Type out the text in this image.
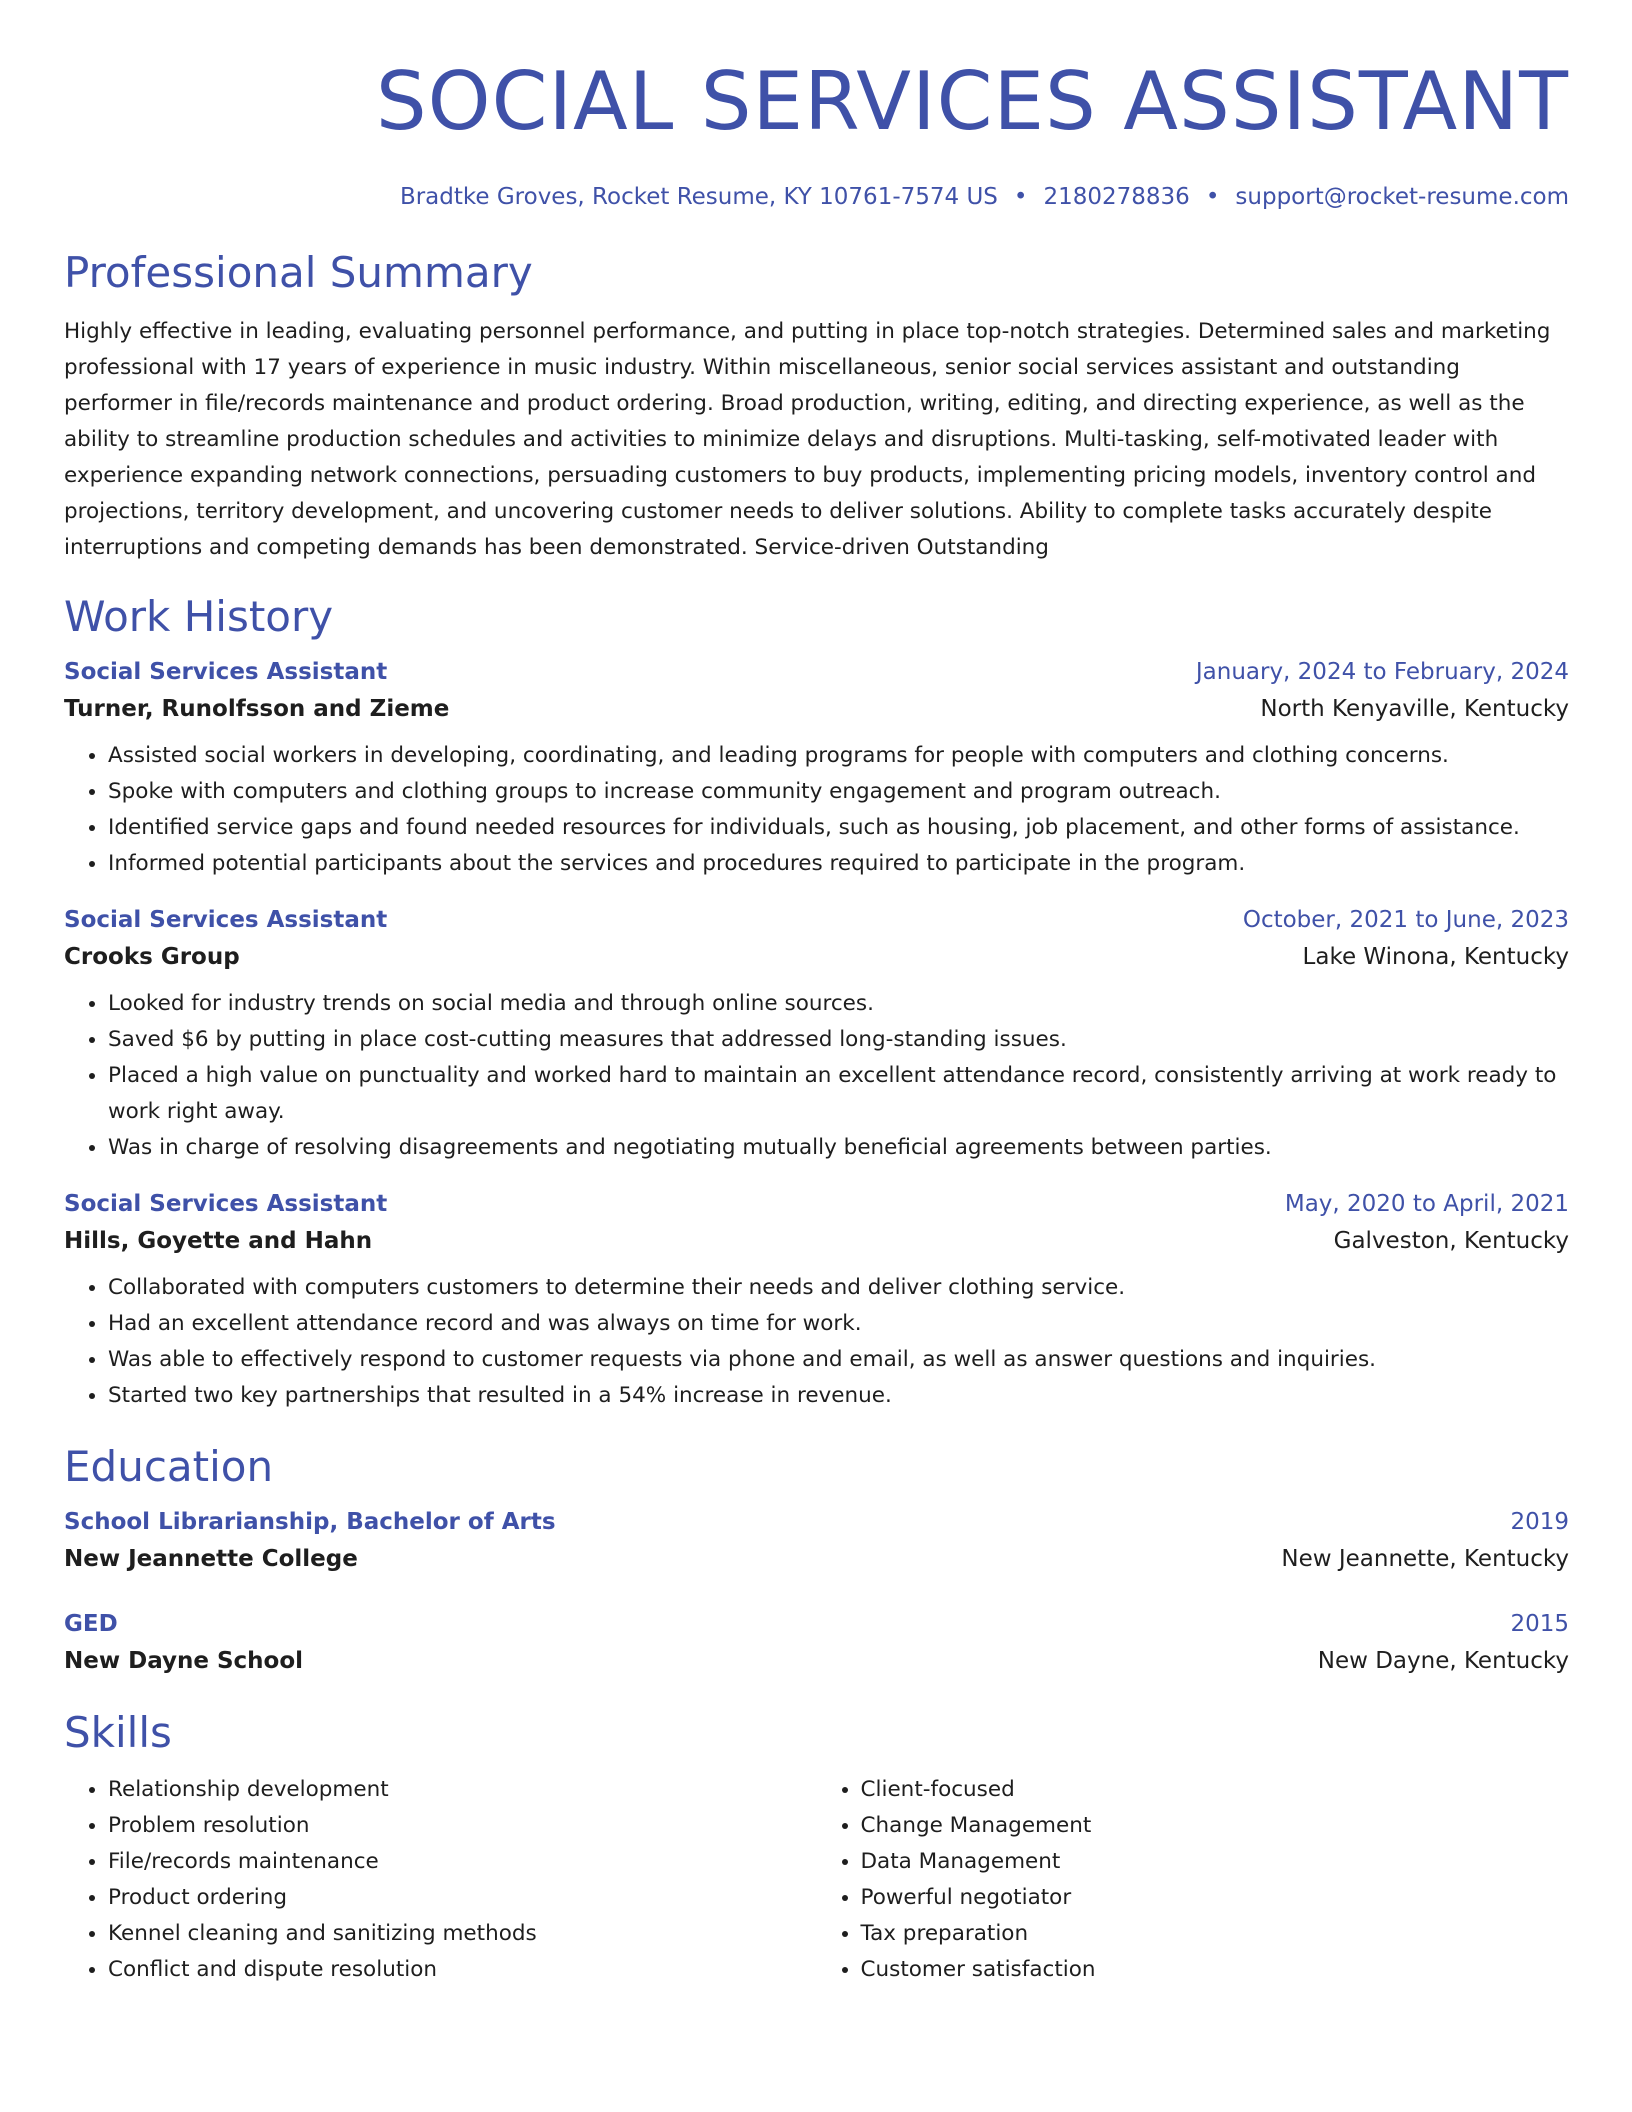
SOCIAL SERVICES ASSISTANT
Bradtke Groves, Rocket Resume, KY 10761-7574 US • 2180278836 • support@rocket-resume.com
Professional Summary

Highly effective in leading, evaluating personnel performance, and putting in place top-notch strategies. Determined sales and marketing professional with 17 years of experience in music industry. Within miscellaneous, senior social services assistant and outstanding performer in file/records maintenance and product ordering. Broad production, writing, editing, and directing experience, as well as the ability to streamline production schedules and activities to minimize delays and disruptions. Multi-tasking, self-motivated leader with experience expanding network connections, persuading customers to buy products, implementing pricing models, inventory control and projections, territory development, and uncovering customer needs to deliver solutions. Ability to complete tasks accurately despite interruptions and competing demands has been demonstrated. Service-driven Outstanding

Work History
Social Services Assistant	January, 2024 to February, 2024
Turner, Runolfsson and Zieme	North Kenyaville, Kentucky
• Assisted social workers in developing, coordinating, and leading programs for people with computers and clothing concerns.
• Spoke with computers and clothing groups to increase community engagement and program outreach.
• Identified service gaps and found needed resources for individuals, such as housing, job placement, and other forms of assistance.
• Informed potential participants about the services and procedures required to participate in the program.
Social Services Assistant	October, 2021 to June, 2023
Crooks Group	Lake Winona, Kentucky
• Looked for industry trends on social media and through online sources.
• Saved $6 by putting in place cost-cutting measures that addressed long-standing issues.
• Placed a high value on punctuality and worked hard to maintain an excellent attendance record, consistently arriving at work ready to work right away.
• Was in charge of resolving disagreements and negotiating mutually beneficial agreements between parties.
Social Services Assistant	May, 2020 to April, 2021
Hills, Goyette and Hahn	Galveston, Kentucky
• Collaborated with computers customers to determine their needs and deliver clothing service.
• Had an excellent attendance record and was always on time for work.
• Was able to effectively respond to customer requests via phone and email, as well as answer questions and inquiries.
• Started two key partnerships that resulted in a 54% increase in revenue.
Education
School Librarianship, Bachelor of Arts	2019
New Jeannette College	New Jeannette, Kentucky
GED	2015
New Dayne School	New Dayne, Kentucky
Skills
• Relationship development
• Problem resolution
• File/records maintenance
• Product ordering
• Kennel cleaning and sanitizing methods
• Conflict and dispute resolution
• Client-focused
• Change Management
• Data Management
• Powerful negotiator
• Tax preparation
• Customer satisfaction
